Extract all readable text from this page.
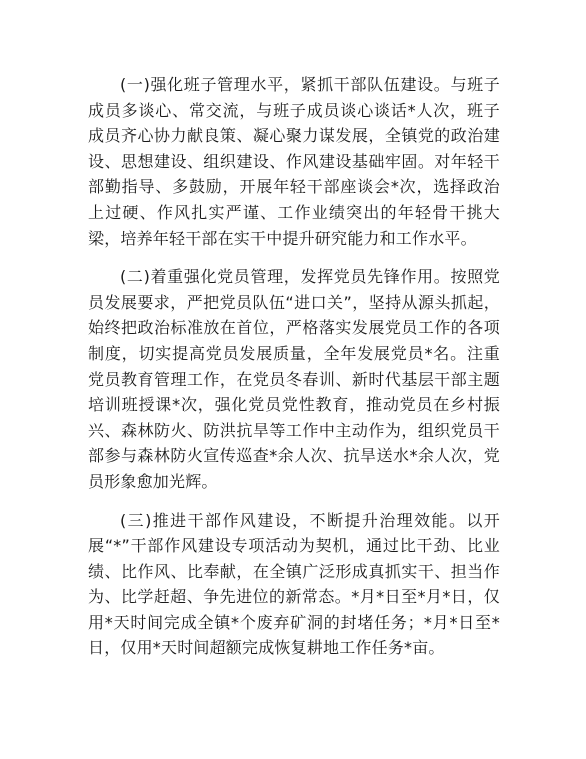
(一)强化班子管理水平，紧抓干部队伍建设。与班子成员多谈心、常交流，与班子成员谈心谈话*人次，班子成员齐心协力献良策、凝心聚力谋发展，全镇党的政治建设、思想建设、组织建设、作风建设基础牢固。对年轻干部勤指导、多鼓励，开展年轻干部座谈会*次，选择政治上过硬、作风扎实严谨、工作业绩突出的年轻骨干挑大梁，培养年轻干部在实干中提升研究能力和工作水平。

(二)着重强化党员管理，发挥党员先锋作用。按照党员发展要求，严把党员队伍“进口关”，坚持从源头抓起，始终把政治标准放在首位，严格落实发展党员工作的各项制度，切实提高党员发展质量，全年发展党员*名。注重党员教育管理工作，在党员冬春训、新时代基层干部主题培训班授课*次，强化党员党性教育，推动党员在乡村振兴、森林防火、防洪抗旱等工作中主动作为，组织党员干部参与森林防火宣传巡查*余人次、抗旱送水*余人次，党员形象愈加光辉。

(三)推进干部作风建设，不断提升治理效能。以开展“*”干部作风建设专项活动为契机，通过比干劲、比业绩、比作风、比奉献，在全镇广泛形成真抓实干、担当作为、比学赶超、争先进位的新常态。*月*日至*月*日，仅用*天时间完成全镇*个废弃矿洞的封堵任务；*月*日至*日，仅用*天时间超额完成恢复耕地工作任务*亩。
